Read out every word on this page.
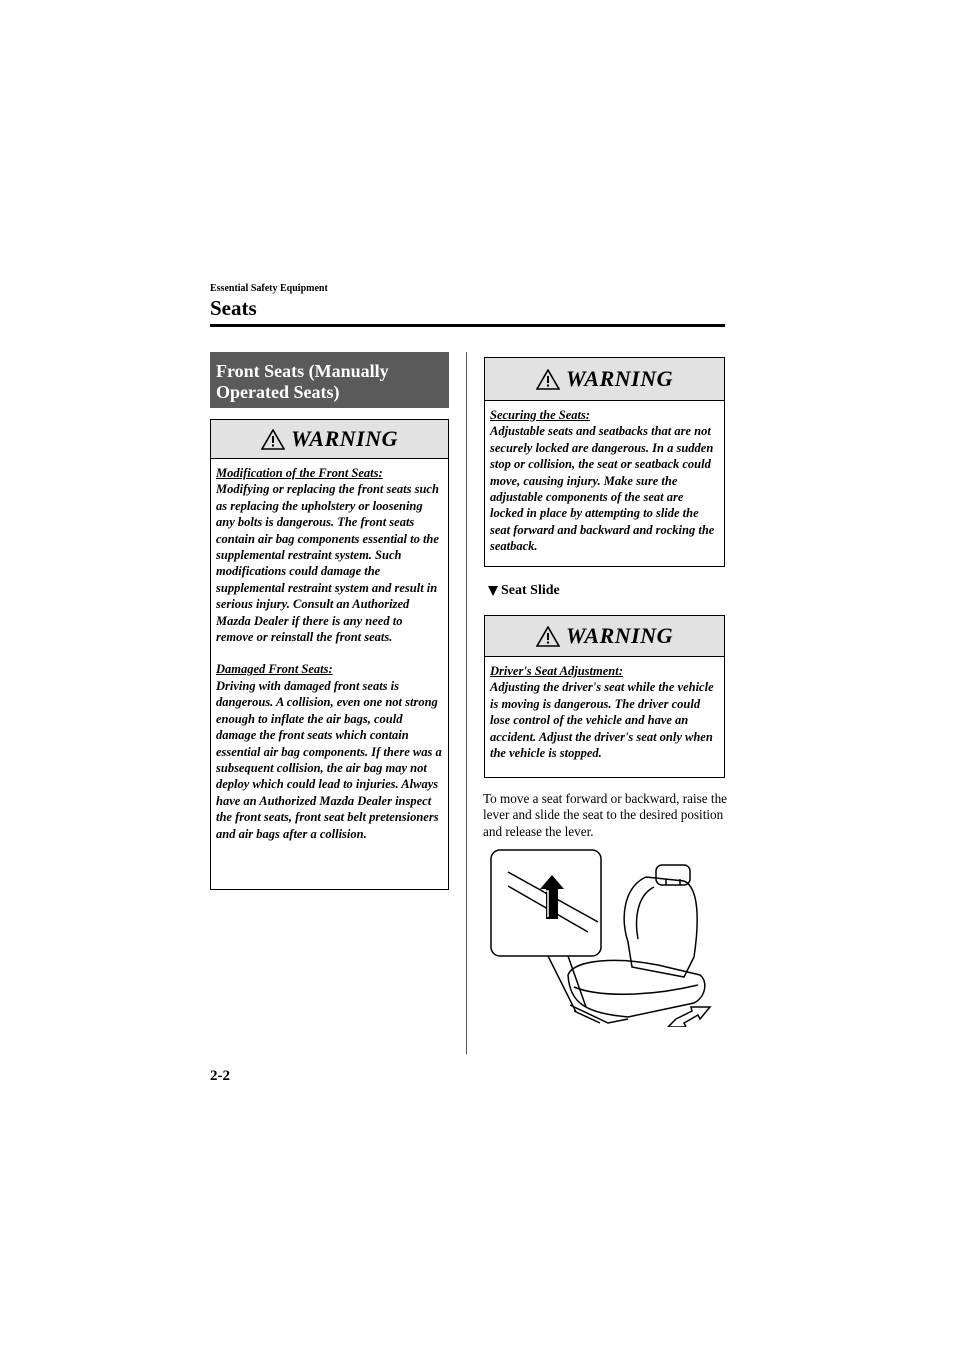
Essential Safety Equipment
Seats
Front Seats (Manually Operated Seats)
WARNING
Modification of the Front Seats:

Modifying or replacing the front seats such as replacing the upholstery or loosening any bolts is dangerous. The front seats contain air bag components essential to the supplemental restraint system. Such modifications could damage the supplemental restraint system and result in serious injury. Consult an Authorized Mazda Dealer if there is any need to remove or reinstall the front seats.

Damaged Front Seats:

Driving with damaged front seats is dangerous. A collision, even one not strong enough to inflate the air bags, could damage the front seats which contain essential air bag components. If there was a subsequent collision, the air bag may not deploy which could lead to injuries. Always have an Authorized Mazda Dealer inspect the front seats, front seat belt pretensioners and air bags after a collision.

WARNING
Securing the Seats:

Adjustable seats and seatbacks that are not securely locked are dangerous. In a sudden stop or collision, the seat or seatback could move, causing injury. Make sure the adjustable components of the seat are locked in place by attempting to slide the seat forward and backward and rocking the seatback.

Seat Slide
WARNING
Driver's Seat Adjustment:

Adjusting the driver's seat while the vehicle is moving is dangerous. The driver could lose control of the vehicle and have an accident. Adjust the driver's seat only when the vehicle is stopped.

To move a seat forward or backward, raise the lever and slide the seat to the desired position and release the lever.
2-2
